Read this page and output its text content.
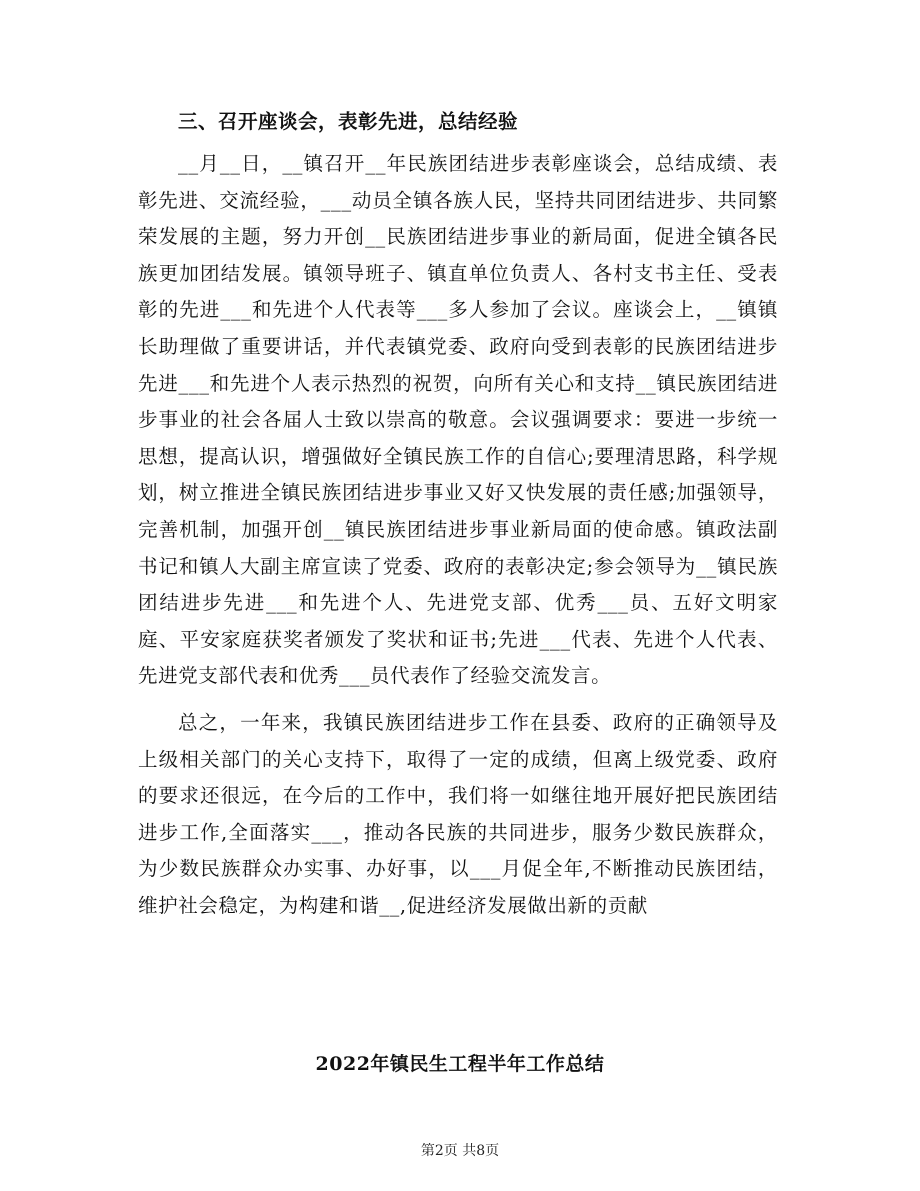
三、召开座谈会，表彰先进，总结经验

__月__日，__镇召开__年民族团结进步表彰座谈会，总结成绩、表彰先进、交流经验，___动员全镇各族人民，坚持共同团结进步、共同繁荣发展的主题，努力开创__民族团结进步事业的新局面，促进全镇各民族更加团结发展。镇领导班子、镇直单位负责人、各村支书主任、受表彰的先进___和先进个人代表等___多人参加了会议。座谈会上，__镇镇长助理做了重要讲话，并代表镇党委、政府向受到表彰的民族团结进步先进___和先进个人表示热烈的祝贺，向所有关心和支持__镇民族团结进步事业的社会各届人士致以崇高的敬意。会议强调要求：要进一步统一思想，提高认识，增强做好全镇民族工作的自信心;要理清思路，科学规划，树立推进全镇民族团结进步事业又好又快发展的责任感;加强领导，完善机制，加强开创__镇民族团结进步事业新局面的使命感。镇政法副书记和镇人大副主席宣读了党委、政府的表彰决定;参会领导为__镇民族团结进步先进___和先进个人、先进党支部、优秀___员、五好文明家庭、平安家庭获奖者颁发了奖状和证书;先进___代表、先进个人代表、先进党支部代表和优秀___员代表作了经验交流发言。

总之，一年来，我镇民族团结进步工作在县委、政府的正确领导及上级相关部门的关心支持下，取得了一定的成绩，但离上级党委、政府的要求还很远，在今后的工作中，我们将一如继往地开展好把民族团结进步工作,全面落实___，推动各民族的共同进步，服务少数民族群众，为少数民族群众办实事、办好事，以___月促全年,不断推动民族团结，维护社会稳定，为构建和谐__,促进经济发展做出新的贡献

2022年镇民生工程半年工作总结
第2页 共8页
